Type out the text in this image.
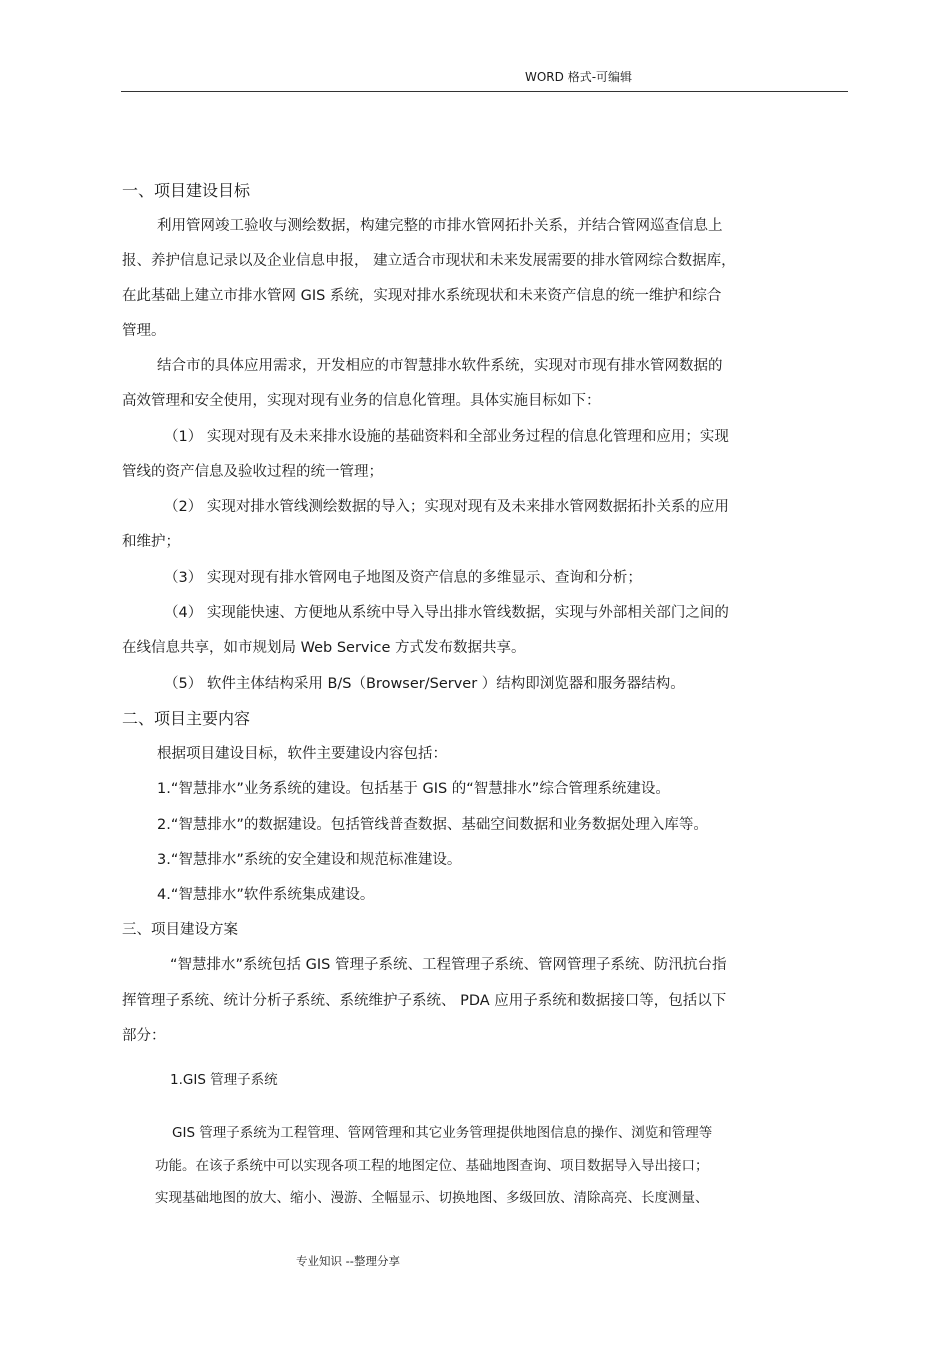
WORD 格式-可编辑
一、项目建设目标
利用管网竣工验收与测绘数据，构建完整的市排水管网拓扑关系，并结合管网巡查信息上
报、养护信息记录以及企业信息申报， 建立适合市现状和未来发展需要的排水管网综合数据库，
在此基础上建立市排水管网 GIS 系统，实现对排水系统现状和未来资产信息的统一维护和综合
管理。
结合市的具体应用需求，开发相应的市智慧排水软件系统，实现对市现有排水管网数据的
高效管理和安全使用，实现对现有业务的信息化管理。具体实施目标如下：
（1） 实现对现有及未来排水设施的基础资料和全部业务过程的信息化管理和应用；实现
管线的资产信息及验收过程的统一管理；
（2） 实现对排水管线测绘数据的导入；实现对现有及未来排水管网数据拓扑关系的应用
和维护；
（3） 实现对现有排水管网电子地图及资产信息的多维显示、查询和分析；
（4） 实现能快速、方便地从系统中导入导出排水管线数据，实现与外部相关部门之间的
在线信息共享，如市规划局 Web Service 方式发布数据共享。
（5） 软件主体结构采用 B/S（Browser/Server ）结构即浏览器和服务器结构。
二、项目主要内容
根据项目建设目标，软件主要建设内容包括：
1.“智慧排水”业务系统的建设。包括基于 GIS 的“智慧排水”综合管理系统建设。
2.“智慧排水”的数据建设。包括管线普查数据、基础空间数据和业务数据处理入库等。
3.“智慧排水”系统的安全建设和规范标准建设。
4.“智慧排水”软件系统集成建设。
三、项目建设方案
“智慧排水”系统包括 GIS 管理子系统、工程管理子系统、管网管理子系统、防汛抗台指
挥管理子系统、统计分析子系统、系统维护子系统、 PDA 应用子系统和数据接口等，包括以下
部分：
1.GIS 管理子系统
GIS 管理子系统为工程管理、管网管理和其它业务管理提供地图信息的操作、浏览和管理等
功能。在该子系统中可以实现各项工程的地图定位、基础地图查询、项目数据导入导出接口；
实现基础地图的放大、缩小、漫游、全幅显示、切换地图、多级回放、清除高亮、长度测量、
专业知识 --整理分享
